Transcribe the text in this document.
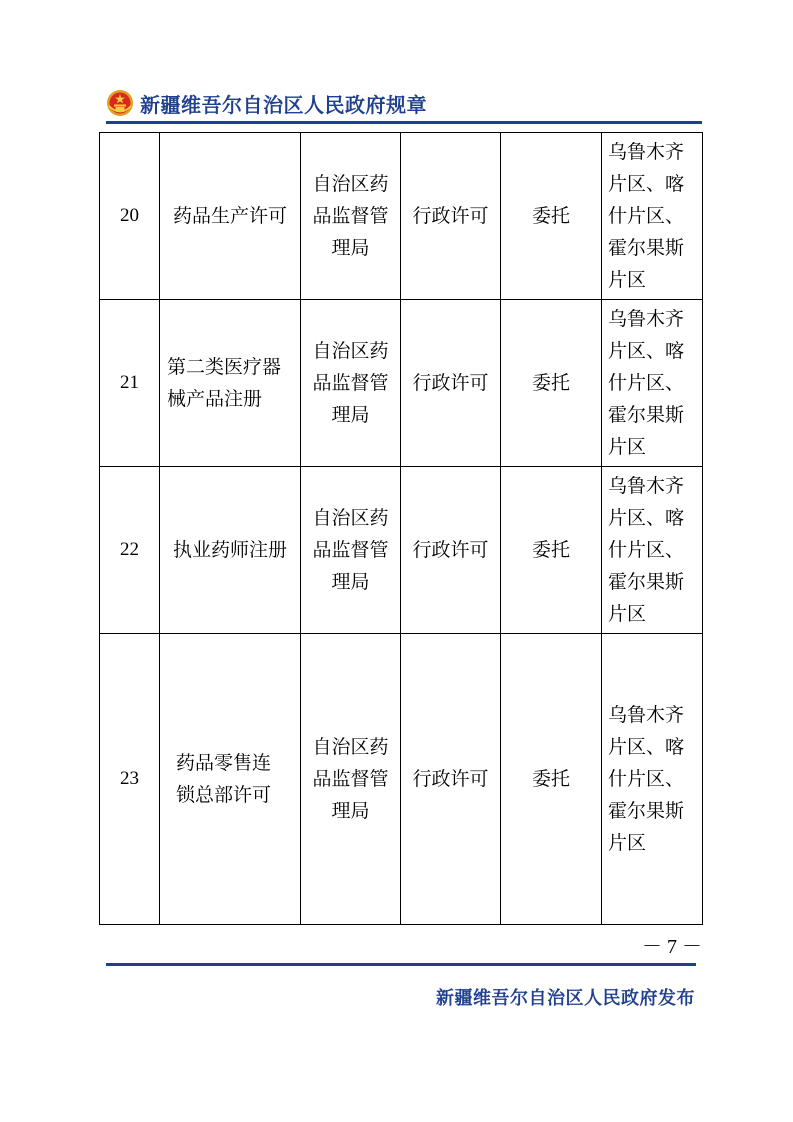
新疆维吾尔自治区人民政府规章
20	药品生产许可	自治区药品监督管理局	行政许可	委托	乌鲁木齐片区、喀什片区、霍尔果斯片区
21	第二类医疗器械产品注册	自治区药品监督管理局	行政许可	委托	乌鲁木齐片区、喀什片区、霍尔果斯片区
22	执业药师注册	自治区药品监督管理局	行政许可	委托	乌鲁木齐片区、喀什片区、霍尔果斯片区
23	药品零售连锁总部许可	自治区药品监督管理局	行政许可	委托	乌鲁木齐片区、喀什片区、霍尔果斯片区
－ 7 －
新疆维吾尔自治区人民政府发布
